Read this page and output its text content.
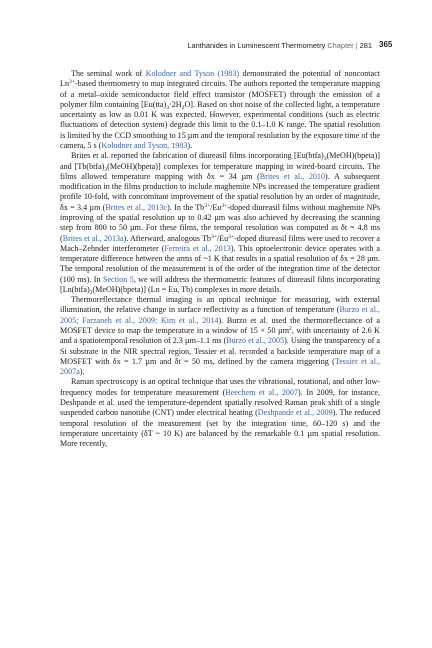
Lanthanides in Luminescent Thermometry Chapter | 281 365

The seminal work of Kolodner and Tyson (1983) demonstrated the potential of noncontact $Ln^{3+}$-based thermometry to map integrated circuits. The authors reported the temperature mapping of a metal–oxide semiconductor field effect transistor (MOSFET) through the emission of a polymer film containing $[Eu(tta)_3\cdot 2H_2O]$. Based on shot noise of the collected light, a temperature uncertainty as low as 0.01 K was expected. However, experimental conditions (such as electric fluctuations of detection system) degrade this limit to the 0.1–1.0 K range. The spatial resolution is limited by the CCD smoothing to 15 µm and the temporal resolution by the exposure time of the camera, 5 s (Kolodner and Tyson, 1983).

Brites et al. reported the fabrication of diureasil films incorporating $[Eu(btfa)_3(MeOH)(bpeta)]$ and $[Tb(btfa)_3(MeOH)(bpeta)]$ complexes for temperature mapping in wired-board circuits. The films allowed temperature mapping with δx = 34 µm (Brites et al., 2010). A subsequent modification in the films production to include maghemite NPs increased the temperature gradient profile 10-fold, with concomitant improvement of the spatial resolution by an order of magnitude, δx = 3.4 µm (Brites et al., 2013c). In the $Tb^{3+}/Eu^{3+}$-doped diureasil films without maghemite NPs improving of the spatial resolution up to 0.42 µm was also achieved by decreasing the scanning step from 800 to 50 µm. For these films, the temporal resolution was computed as δt = 4.8 ms (Brites et al., 2013a). Afterward, analogous $Tb^{3+}/Eu^{3+}$-doped diureasil films were used to recover a Mach–Zehnder interferometer (Ferreira et al., 2013). This optoelectronic device operates with a temperature difference between the arms of ~1 K that results in a spatial resolution of δx = 28 µm. The temporal resolution of the measurement is of the order of the integration time of the detector (100 ms). In Section 5, we will address the thermometric features of diureasil films incorporating $[Ln(btfa)_3(MeOH)(bpeta)] (Ln = Eu$, Tb) complexes in more details.

Thermoreflectance thermal imaging is an optical technique for measuring, with external illumination, the relative change in surface reflectivity as a function of temperature (Burzo et al., 2005; Farzaneh et al., 2009; Kim et al., 2014). Burzo et al. used the thermoreflectance of a MOSFET device to map the temperature in a window of 15 × 50 µm$^2$, with uncertainty of 2.6 K and a spatiotemporal resolution of 2.3 µm–1.1 ms (Burzo et al., 2005). Using the transparency of a Si substrate in the NIR spectral region, Tessier et al. recorded a backside temperature map of a MOSFET with δx = 1.7 µm and δt = 50 ms, defined by the camera triggering (Tessier et al., 2007a).

Raman spectroscopy is an optical technique that uses the vibrational, rotational, and other low-frequency modes for temperature measurement (Beechem et al., 2007). In 2009, for instance, Deshpande et al. used the temperature-dependent spatially resolved Raman peak shift of a single suspended carbon nanotube (CNT) under electrical heating (Deshpande et al., 2009). The reduced temporal resolution of the measurement (set by the integration time, 60–120 s) and the temperature uncertainty (δT ~ 10 K) are balanced by the remarkable 0.1 µm spatial resolution. More recently,
